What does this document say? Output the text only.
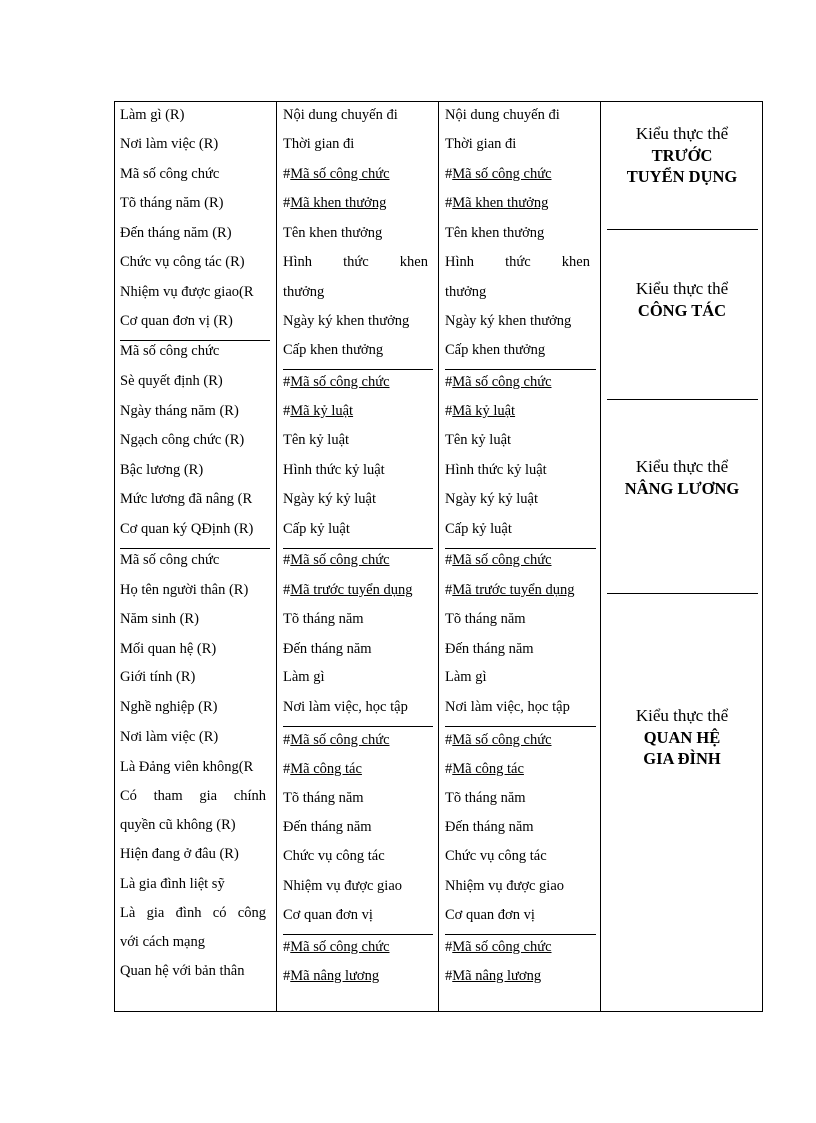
Làm gì (R)
Nơi làm việc (R)
Mã số công chức
Tõ tháng năm (R)
Đến tháng năm (R)
Chức vụ công tác (R)
Nhiệm vụ được giao(R
Cơ quan đơn vị (R)
Mã số công chức
Sè quyết định (R)
Ngày tháng năm (R)
Ngạch công chức (R)
Bậc lương (R)
Mức lương đã nâng (R
Cơ quan ký QĐịnh (R)
Mã số công chức
Họ tên người thân (R)
Năm sinh (R)
Mối quan hệ (R)
Giới tính (R)
Nghề nghiệp (R)
Nơi làm việc (R)
Là Đảng viên không(R
Có tham gia chính
quyền cũ không (R)
Hiện đang ở đâu (R)
Là gia đình liệt sỹ
Là gia đình có công
với cách mạng
Quan hệ với bản thân
Nội dung chuyến đi
Thời gian đi
#Mã số công chức
#Mã khen thưởng
Tên khen thưởng
Hình thức khen
thưởng
Ngày ký khen thưởng
Cấp khen thưởng
#Mã số công chức
#Mã kỷ luật
Tên kỷ luật
Hình thức kỷ luật
Ngày ký kỷ luật
Cấp kỷ luật
#Mã số công chức
#Mã trước tuyển dụng
Tõ tháng năm
Đến tháng năm
Làm gì
Nơi làm việc, học tập
#Mã số công chức
#Mã công tác
Tõ tháng năm
Đến tháng năm
Chức vụ công tác
Nhiệm vụ được giao
Cơ quan đơn vị
#Mã số công chức
#Mã nâng lương
Nội dung chuyến đi
Thời gian đi
#Mã số công chức
#Mã khen thưởng
Tên khen thưởng
Hình thức khen
thưởng
Ngày ký khen thưởng
Cấp khen thưởng
#Mã số công chức
#Mã kỷ luật
Tên kỷ luật
Hình thức kỷ luật
Ngày ký kỷ luật
Cấp kỷ luật
#Mã số công chức
#Mã trước tuyển dụng
Tõ tháng năm
Đến tháng năm
Làm gì
Nơi làm việc, học tập
#Mã số công chức
#Mã công tác
Tõ tháng năm
Đến tháng năm
Chức vụ công tác
Nhiệm vụ được giao
Cơ quan đơn vị
#Mã số công chức
#Mã nâng lương
Kiểu thực thể
TRƯỚC TUYỂN DỤNG
Kiểu thực thể
CÔNG TÁC
Kiểu thực thể
NÂNG LƯƠNG
Kiểu thực thể
QUAN HỆ GIA ĐÌNH
